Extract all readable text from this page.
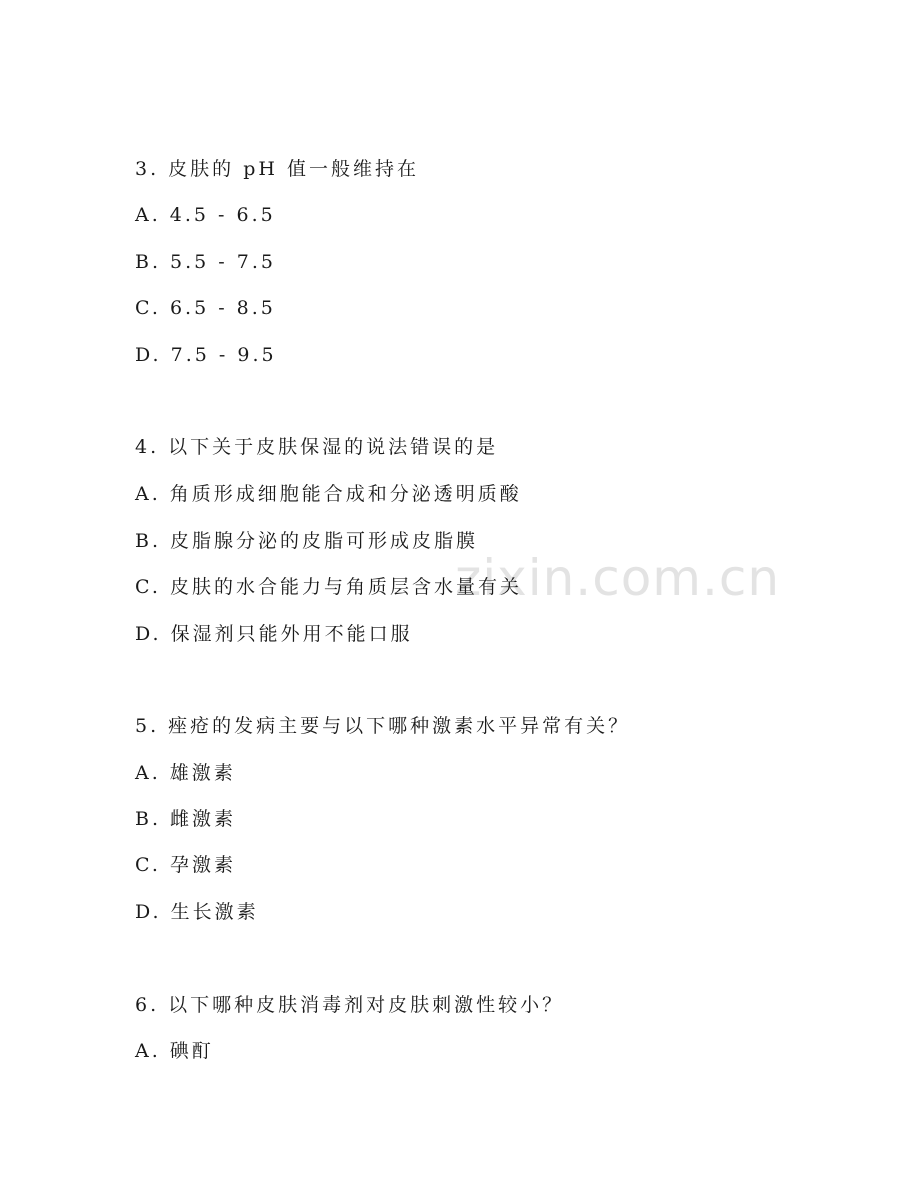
zixin.com.cn
3. 皮肤的 pH 值一般维持在
A. 4.5 - 6.5
B. 5.5 - 7.5
C. 6.5 - 8.5
D. 7.5 - 9.5
4. 以下关于皮肤保湿的说法错误的是
A. 角质形成细胞能合成和分泌透明质酸
B. 皮脂腺分泌的皮脂可形成皮脂膜
C. 皮肤的水合能力与角质层含水量有关
D. 保湿剂只能外用不能口服
5. 痤疮的发病主要与以下哪种激素水平异常有关？
A. 雄激素
B. 雌激素
C. 孕激素
D. 生长激素
6. 以下哪种皮肤消毒剂对皮肤刺激性较小？
A. 碘酊
